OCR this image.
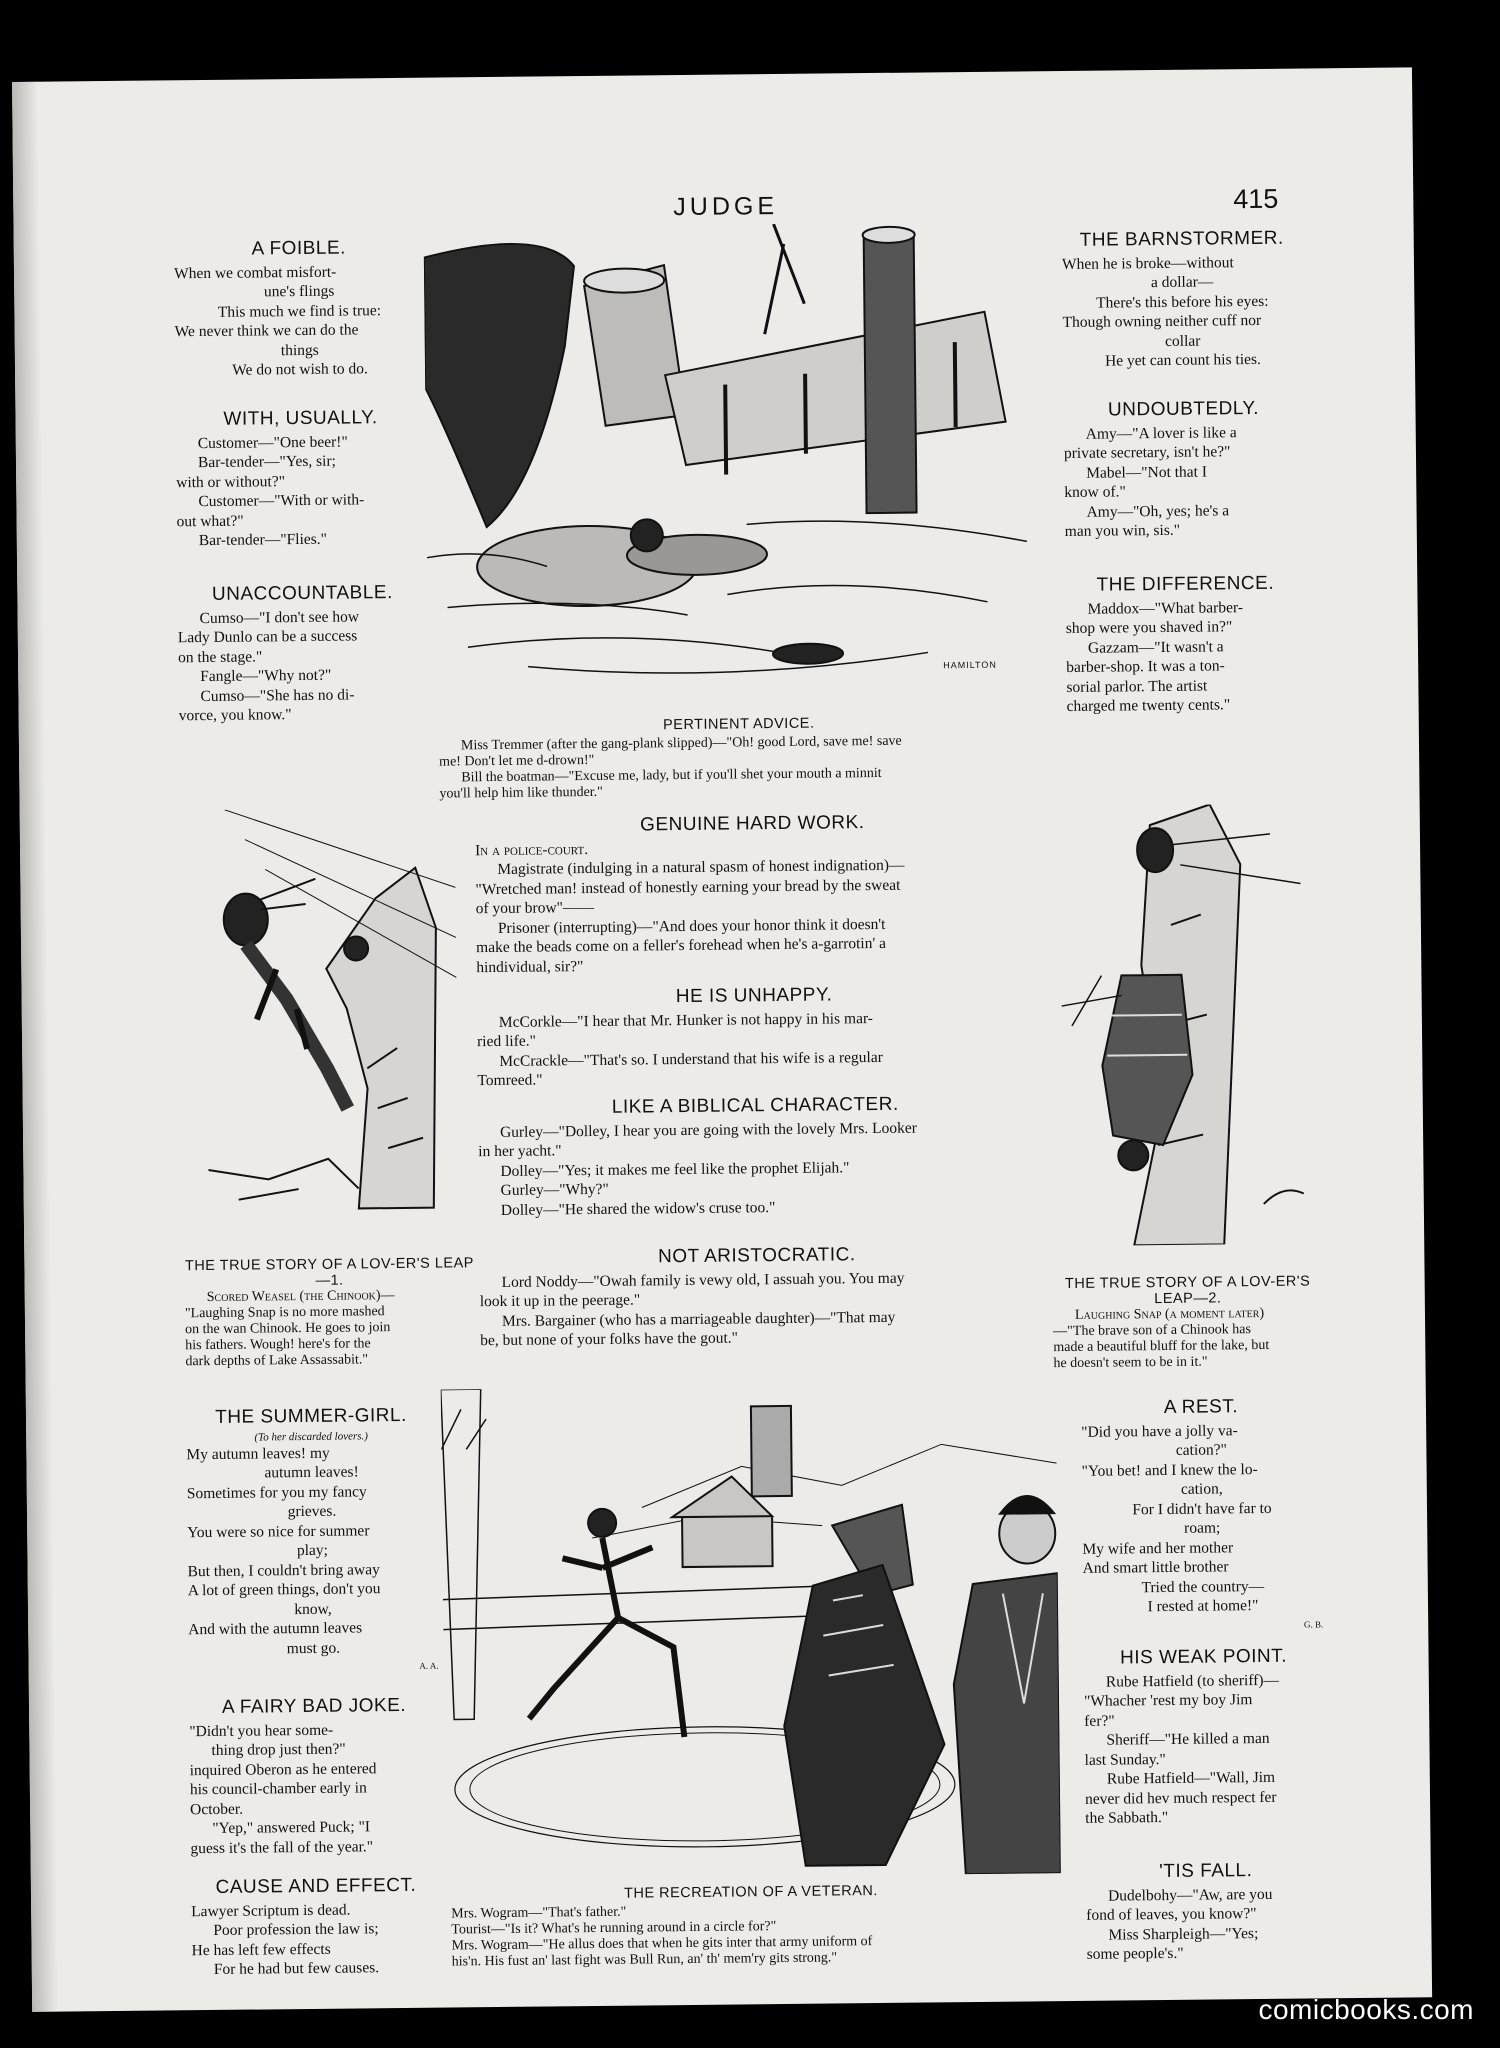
JUDGE	415
A FOIBLE.

When we combat misfort-

une's flings

This much we find is true:

We never think we can do the

things

We do not wish to do.

WITH, USUALLY.

Customer—"One beer!"

Bar-tender—"Yes, sir;

with or without?"

Customer—"With or with-

out what?"

Bar-tender—"Flies."

UNACCOUNTABLE.

Cumso—"I don't see how

Lady Dunlo can be a success

on the stage."

Fangle—"Why not?"

Cumso—"She has no di-

vorce, you know."

THE TRUE STORY OF A LOV-ER'S LEAP—1.

Scored Weasel (the Chinook)—

"Laughing Snap is no more mashed

on the wan Chinook. He goes to join

his fathers. Wough! here's for the

dark depths of Lake Assassabit."

THE SUMMER-GIRL.

(To her discarded lovers.)

My autumn leaves! my

autumn leaves!

Sometimes for you my fancy

grieves.

You were so nice for summer

play;

But then, I couldn't bring away

A lot of green things, don't you

know,

And with the autumn leaves

must go.

A. A.

A FAIRY BAD JOKE.

"Didn't you hear some-

thing drop just then?"

inquired Oberon as he entered

his council-chamber early in

October.

"Yep," answered Puck; "I

guess it's the fall of the year."

CAUSE AND EFFECT.

Lawyer Scriptum is dead.

Poor profession the law is;

He has left few effects

For he had but few causes.

HAMILTON
PERTINENT ADVICE.

Miss Tremmer (after the gang-plank slipped)—"Oh! good Lord, save me! save

me! Don't let me d-drown!"

Bill the boatman—"Excuse me, lady, but if you'll shet your mouth a minnit

you'll help him like thunder."

GENUINE HARD WORK.

In a police-court.

Magistrate (indulging in a natural spasm of honest indignation)—

"Wretched man! instead of honestly earning your bread by the sweat

of your brow"——

Prisoner (interrupting)—"And does your honor think it doesn't

make the beads come on a feller's forehead when he's a-garrotin' a

hindividual, sir?"

HE IS UNHAPPY.

McCorkle—"I hear that Mr. Hunker is not happy in his mar-

ried life."

McCrackle—"That's so. I understand that his wife is a regular

Tomreed."

LIKE A BIBLICAL CHARACTER.

Gurley—"Dolley, I hear you are going with the lovely Mrs. Looker

in her yacht."

Dolley—"Yes; it makes me feel like the prophet Elijah."

Gurley—"Why?"

Dolley—"He shared the widow's cruse too."

NOT ARISTOCRATIC.

Lord Noddy—"Owah family is vewy old, I assuah you. You may

look it up in the peerage."

Mrs. Bargainer (who has a marriageable daughter)—"That may

be, but none of your folks have the gout."

THE RECREATION OF A VETERAN.

Mrs. Wogram—"That's father."

Tourist—"Is it? What's he running around in a circle for?"

Mrs. Wogram—"He allus does that when he gits inter that army uniform of

his'n. His fust an' last fight was Bull Run, an' th' mem'ry gits strong."

THE BARNSTORMER.

When he is broke—without

a dollar—

There's this before his eyes:

Though owning neither cuff nor

collar

He yet can count his ties.

UNDOUBTEDLY.

Amy—"A lover is like a

private secretary, isn't he?"

Mabel—"Not that I

know of."

Amy—"Oh, yes; he's a

man you win, sis."

THE DIFFERENCE.

Maddox—"What barber-

shop were you shaved in?"

Gazzam—"It wasn't a

barber-shop. It was a ton-

sorial parlor. The artist

charged me twenty cents."

THE TRUE STORY OF A LOV-ER'S LEAP—2.

Laughing Snap (a moment later)

—"The brave son of a Chinook has

made a beautiful bluff for the lake, but

he doesn't seem to be in it."

A REST.

"Did you have a jolly va-

cation?"

"You bet! and I knew the lo-

cation,

For I didn't have far to

roam;

My wife and her mother

And smart little brother

Tried the country—

I rested at home!"

G. B.

HIS WEAK POINT.

Rube Hatfield (to sheriff)—

"Whacher 'rest my boy Jim

fer?"

Sheriff—"He killed a man

last Sunday."

Rube Hatfield—"Wall, Jim

never did hev much respect fer

the Sabbath."

'TIS FALL.

Dudelbohy—"Aw, are you

fond of leaves, you know?"

Miss Sharpleigh—"Yes;

some people's."

comicbooks.com
